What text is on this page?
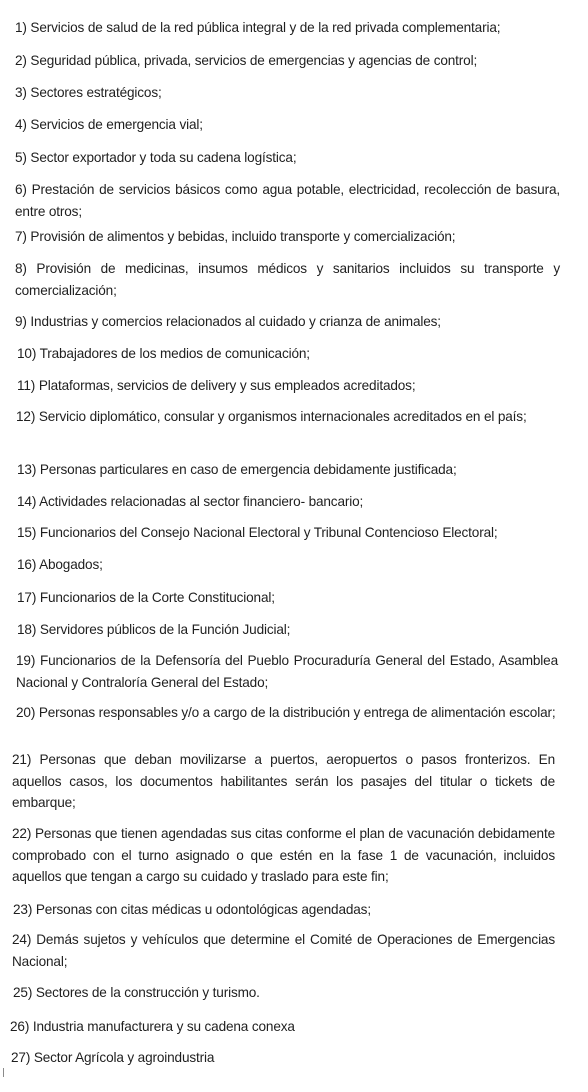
1) Servicios de salud de la red pública integral y de la red privada complementaria;

2) Seguridad pública, privada, servicios de emergencias y agencias de control;

3) Sectores estratégicos;

4) Servicios de emergencia vial;

5) Sector exportador y toda su cadena logística;

6) Prestación de servicios básicos como agua potable, electricidad, recolección de basura, entre otros;

7) Provisión de alimentos y bebidas, incluido transporte y comercialización;

8) Provisión de medicinas, insumos médicos y sanitarios incluidos su transporte y comercialización;

9) Industrias y comercios relacionados al cuidado y crianza de animales;

10) Trabajadores de los medios de comunicación;

11) Plataformas, servicios de delivery y sus empleados acreditados;

12) Servicio diplomático, consular y organismos internacionales acreditados en el país;

13) Personas particulares en caso de emergencia debidamente justificada;

14) Actividades relacionadas al sector financiero- bancario;

15) Funcionarios del Consejo Nacional Electoral y Tribunal Contencioso Electoral;

16) Abogados;

17) Funcionarios de la Corte Constitucional;

18) Servidores públicos de la Función Judicial;

19) Funcionarios de la Defensoría del Pueblo Procuraduría General del Estado, Asamblea Nacional y Contraloría General del Estado;

20) Personas responsables y/o a cargo de la distribución y entrega de alimentación escolar;

21) Personas que deban movilizarse a puertos, aeropuertos o pasos fronterizos. En aquellos casos, los documentos habilitantes serán los pasajes del titular o tickets de embarque;

22) Personas que tienen agendadas sus citas conforme el plan de vacunación debidamente comprobado con el turno asignado o que estén en la fase 1 de vacunación, incluidos aquellos que tengan a cargo su cuidado y traslado para este fin;

23) Personas con citas médicas u odontológicas agendadas;

24) Demás sujetos y vehículos que determine el Comité de Operaciones de Emergencias Nacional;

25) Sectores de la construcción y turismo.

26) Industria manufacturera y su cadena conexa

27) Sector Agrícola y agroindustria
